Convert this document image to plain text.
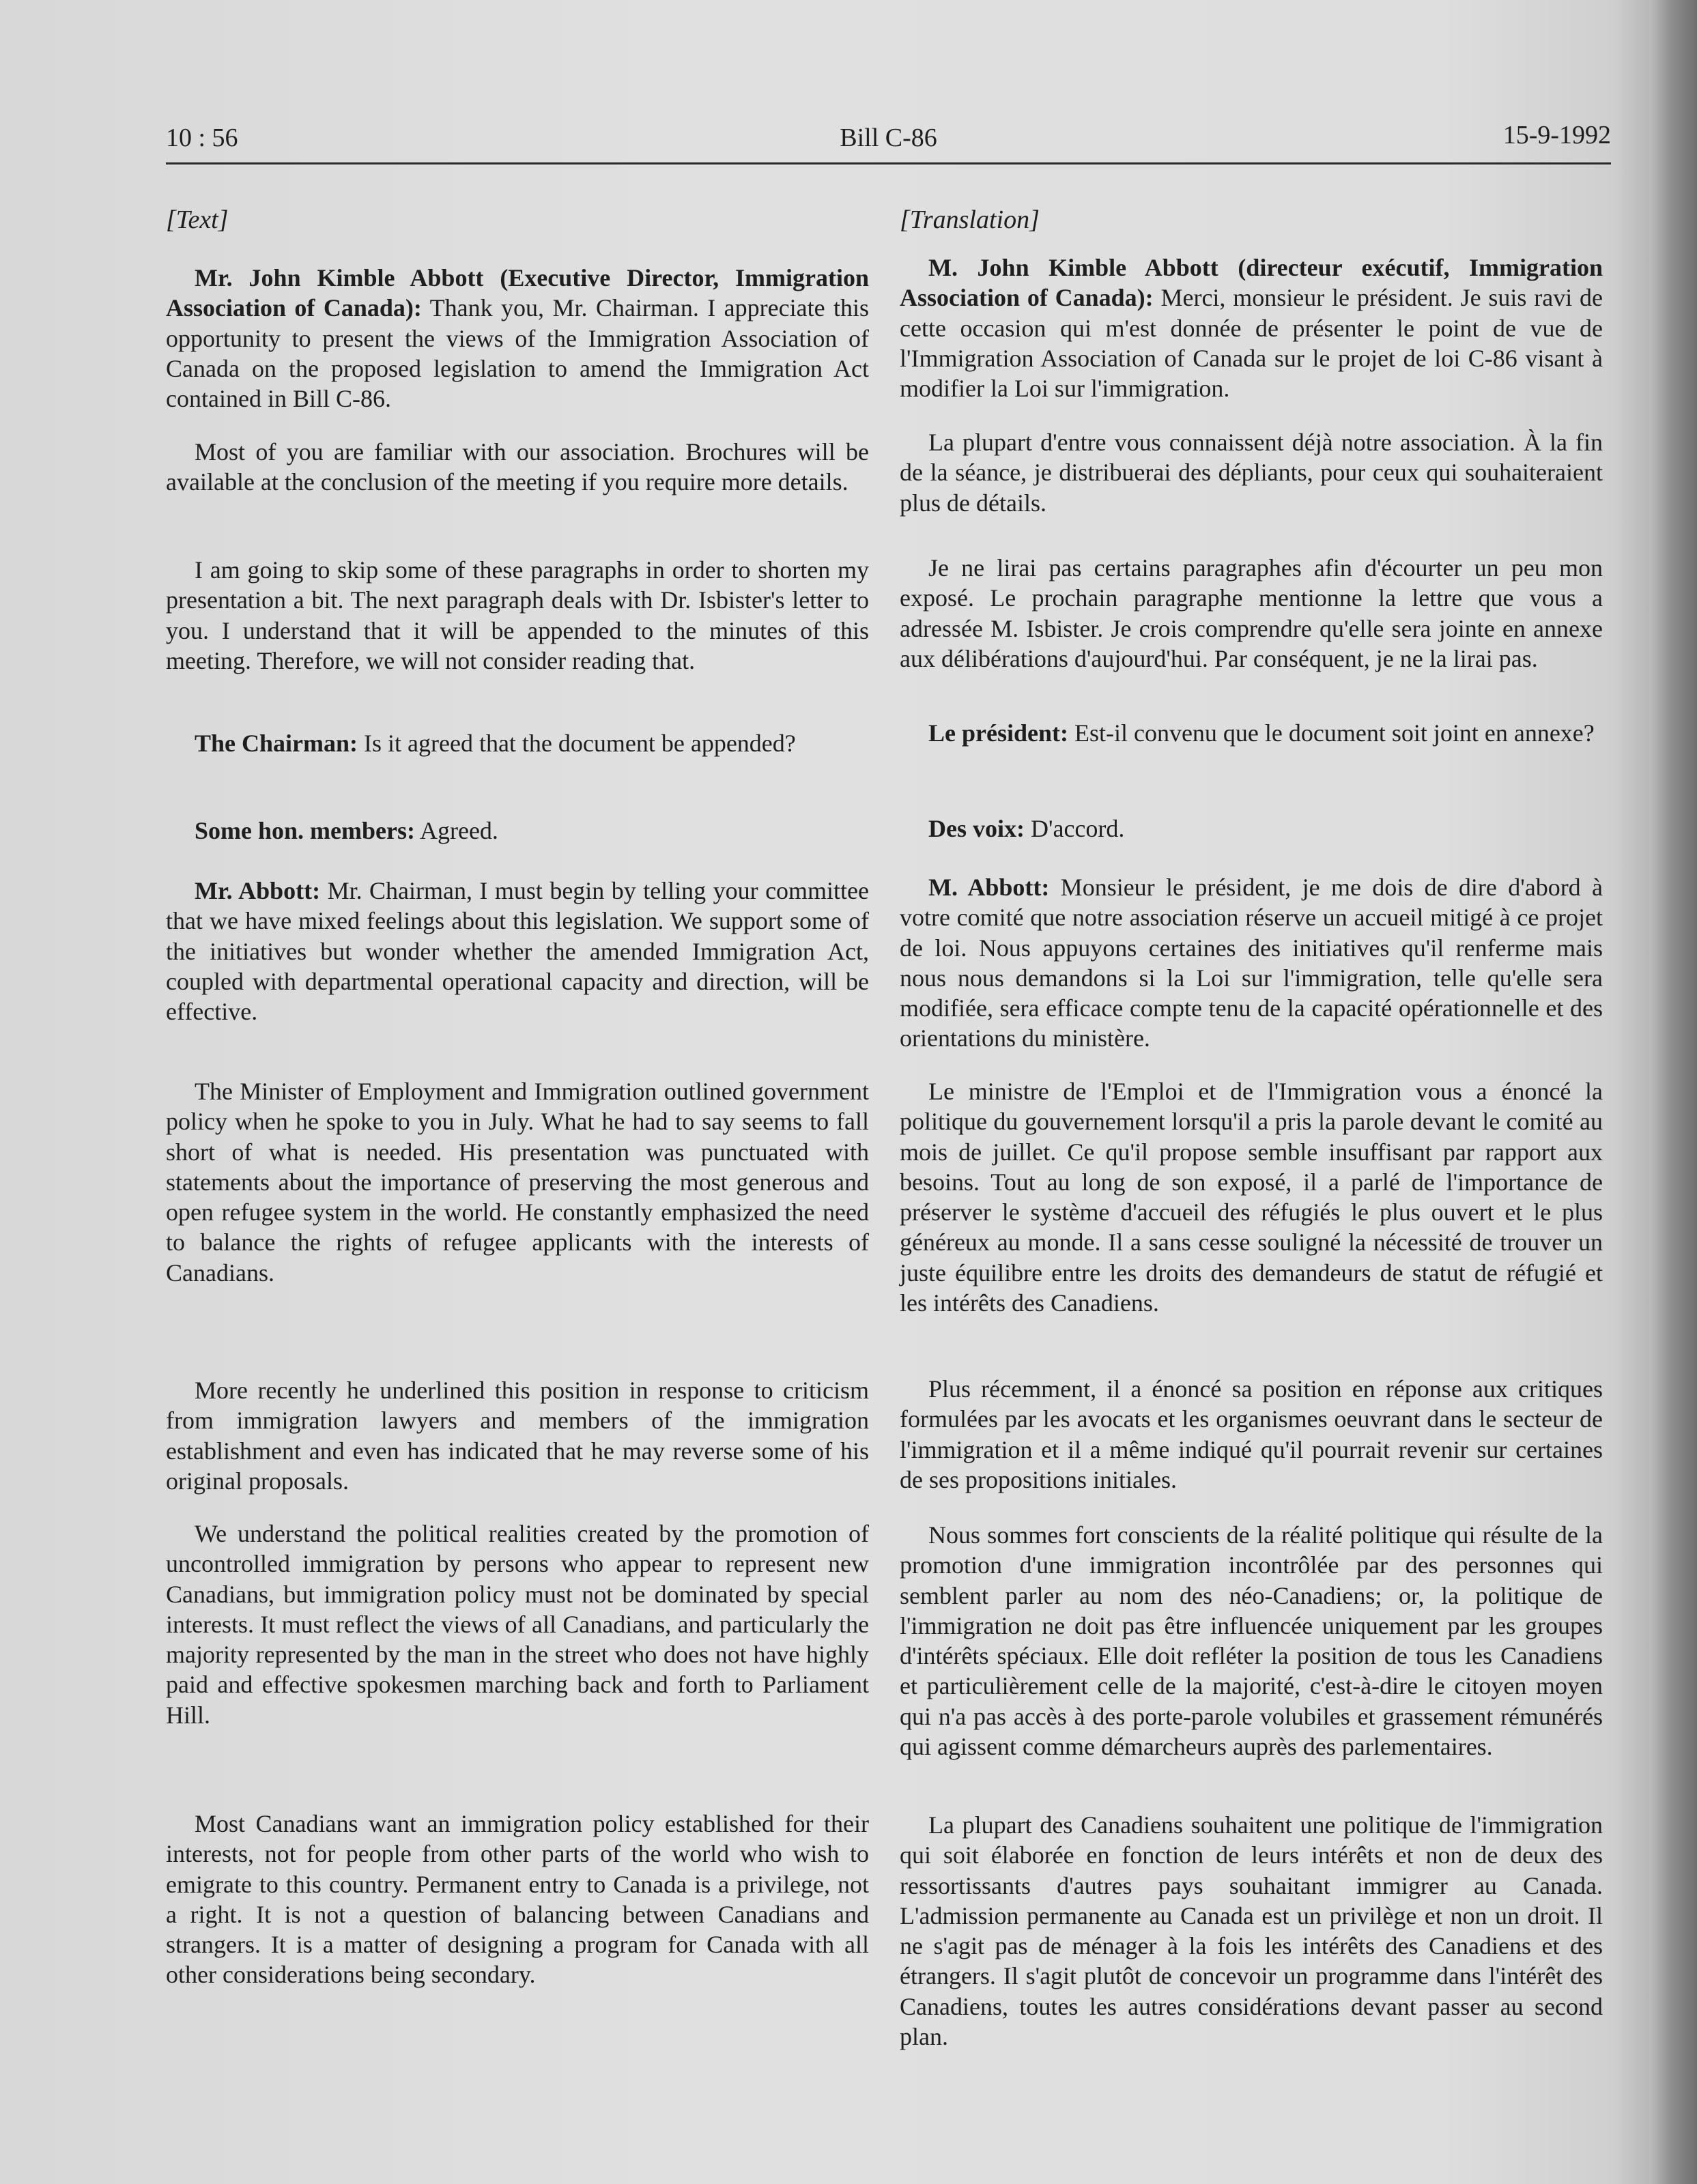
10 : 56	Bill C-86	15-9-1992
[Text]

Mr. John Kimble Abbott (Executive Director, Immigration Association of Canada): Thank you, Mr. Chairman. I appreciate this opportunity to present the views of the Immigration Association of Canada on the proposed legislation to amend the Immigration Act contained in Bill C-86.

Most of you are familiar with our association. Brochures will be available at the conclusion of the meeting if you require more details.

I am going to skip some of these paragraphs in order to shorten my presentation a bit. The next paragraph deals with Dr. Isbister's letter to you. I understand that it will be appended to the minutes of this meeting. Therefore, we will not consider reading that.

The Chairman: Is it agreed that the document be appended?

Some hon. members: Agreed.

Mr. Abbott: Mr. Chairman, I must begin by telling your committee that we have mixed feelings about this legislation. We support some of the initiatives but wonder whether the amended Immigration Act, coupled with departmental operational capacity and direction, will be effective.

The Minister of Employment and Immigration outlined government policy when he spoke to you in July. What he had to say seems to fall short of what is needed. His presentation was punctuated with statements about the importance of preserving the most generous and open refugee system in the world. He constantly emphasized the need to balance the rights of refugee applicants with the interests of Canadians.

More recently he underlined this position in response to criticism from immigration lawyers and members of the immigration establishment and even has indicated that he may reverse some of his original proposals.

We understand the political realities created by the promotion of uncontrolled immigration by persons who appear to represent new Canadians, but immigration policy must not be dominated by special interests. It must reflect the views of all Canadians, and particularly the majority represented by the man in the street who does not have highly paid and effective spokesmen marching back and forth to Parliament Hill.

Most Canadians want an immigration policy established for their interests, not for people from other parts of the world who wish to emigrate to this country. Permanent entry to Canada is a privilege, not a right. It is not a question of balancing between Canadians and strangers. It is a matter of designing a program for Canada with all other considerations being secondary.

[Translation]

M. John Kimble Abbott (directeur exécutif, Immigration Association of Canada): Merci, monsieur le président. Je suis ravi de cette occasion qui m'est donnée de présenter le point de vue de l'Immigration Association of Canada sur le projet de loi C-86 visant à modifier la Loi sur l'immigration.

La plupart d'entre vous connaissent déjà notre association. À la fin de la séance, je distribuerai des dépliants, pour ceux qui souhaiteraient plus de détails.

Je ne lirai pas certains paragraphes afin d'écourter un peu mon exposé. Le prochain paragraphe mentionne la lettre que vous a adressée M. Isbister. Je crois comprendre qu'elle sera jointe en annexe aux délibérations d'aujourd'hui. Par conséquent, je ne la lirai pas.

Le président: Est-il convenu que le document soit joint en annexe?

Des voix: D'accord.

M. Abbott: Monsieur le président, je me dois de dire d'abord à votre comité que notre association réserve un accueil mitigé à ce projet de loi. Nous appuyons certaines des initiatives qu'il renferme mais nous nous demandons si la Loi sur l'immigration, telle qu'elle sera modifiée, sera efficace compte tenu de la capacité opérationnelle et des orientations du ministère.

Le ministre de l'Emploi et de l'Immigration vous a énoncé la politique du gouvernement lorsqu'il a pris la parole devant le comité au mois de juillet. Ce qu'il propose semble insuffisant par rapport aux besoins. Tout au long de son exposé, il a parlé de l'importance de préserver le système d'accueil des réfugiés le plus ouvert et le plus généreux au monde. Il a sans cesse souligné la nécessité de trouver un juste équilibre entre les droits des demandeurs de statut de réfugié et les intérêts des Canadiens.

Plus récemment, il a énoncé sa position en réponse aux critiques formulées par les avocats et les organismes oeuvrant dans le secteur de l'immigration et il a même indiqué qu'il pourrait revenir sur certaines de ses propositions initiales.

Nous sommes fort conscients de la réalité politique qui résulte de la promotion d'une immigration incontrôlée par des personnes qui semblent parler au nom des néo-Canadiens; or, la politique de l'immigration ne doit pas être influencée uniquement par les groupes d'intérêts spéciaux. Elle doit refléter la position de tous les Canadiens et particulièrement celle de la majorité, c'est-à-dire le citoyen moyen qui n'a pas accès à des porte-parole volubiles et grassement rémunérés qui agissent comme démarcheurs auprès des parlementaires.

La plupart des Canadiens souhaitent une politique de l'immigration qui soit élaborée en fonction de leurs intérêts et non de deux des ressortissants d'autres pays souhaitant immigrer au Canada. L'admission permanente au Canada est un privilège et non un droit. Il ne s'agit pas de ménager à la fois les intérêts des Canadiens et des étrangers. Il s'agit plutôt de concevoir un programme dans l'intérêt des Canadiens, toutes les autres considérations devant passer au second plan.
